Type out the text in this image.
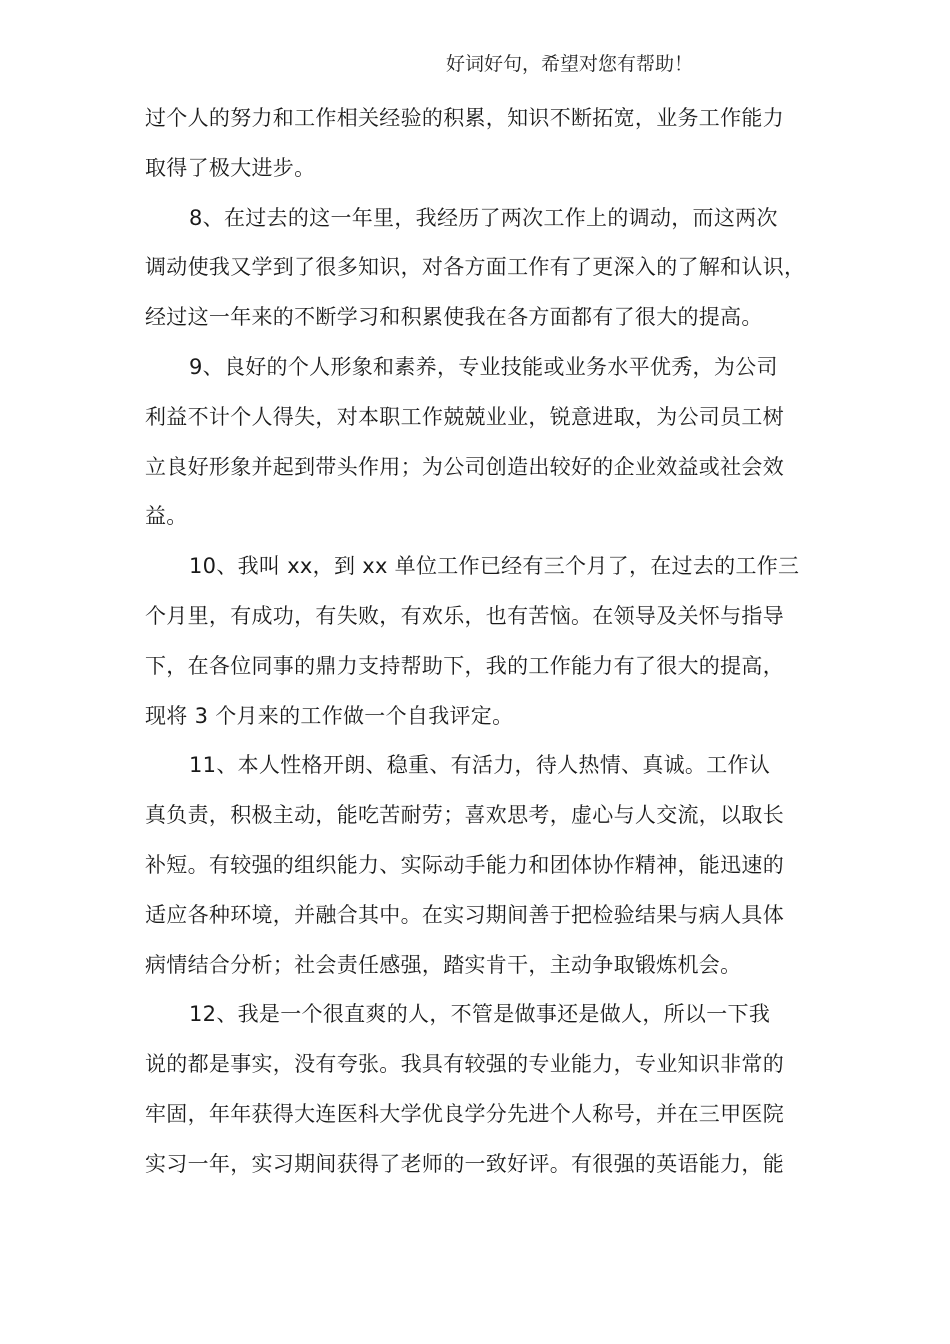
好词好句，希望对您有帮助！
过个人的努力和工作相关经验的积累，知识不断拓宽，业务工作能力
取得了极大进步。
8、在过去的这一年里，我经历了两次工作上的调动，而这两次
调动使我又学到了很多知识，对各方面工作有了更深入的了解和认识，
经过这一年来的不断学习和积累使我在各方面都有了很大的提高。
9、良好的个人形象和素养，专业技能或业务水平优秀，为公司
利益不计个人得失，对本职工作兢兢业业，锐意进取，为公司员工树
立良好形象并起到带头作用；为公司创造出较好的企业效益或社会效
益。
10、我叫 xx，到 xx 单位工作已经有三个月了，在过去的工作三
个月里，有成功，有失败，有欢乐，也有苦恼。在领导及关怀与指导
下，在各位同事的鼎力支持帮助下，我的工作能力有了很大的提高，
现将 3 个月来的工作做一个自我评定。
11、本人性格开朗、稳重、有活力，待人热情、真诚。工作认
真负责，积极主动，能吃苦耐劳；喜欢思考，虚心与人交流，以取长
补短。有较强的组织能力、实际动手能力和团体协作精神，能迅速的
适应各种环境，并融合其中。在实习期间善于把检验结果与病人具体
病情结合分析；社会责任感强，踏实肯干，主动争取锻炼机会。
12、我是一个很直爽的人，不管是做事还是做人，所以一下我
说的都是事实，没有夸张。我具有较强的专业能力，专业知识非常的
牢固，年年获得大连医科大学优良学分先进个人称号，并在三甲医院
实习一年，实习期间获得了老师的一致好评。有很强的英语能力，能
